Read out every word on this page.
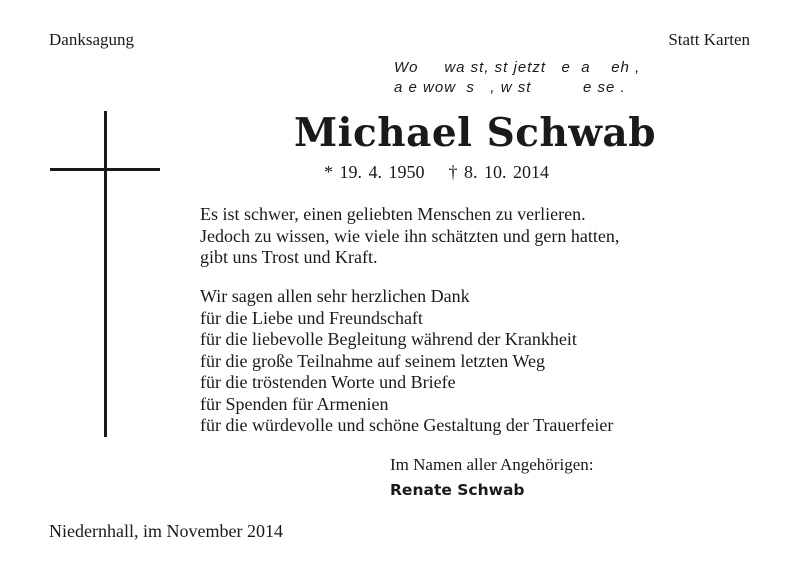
Danksagung	Statt Karten
Wo     wa st, st jetzt   e  a    eh ,
a e wow  s   , w st          e se .
Michael Schwab
* 19. 4. 1950 † 8. 10. 2014
Es ist schwer, einen geliebten Menschen zu verlieren.
Jedoch zu wissen, wie viele ihn schätzten und gern hatten,
gibt uns Trost und Kraft.
Wir sagen allen sehr herzlichen Dank
für die Liebe und Freundschaft
für die liebevolle Begleitung während der Krankheit
für die große Teilnahme auf seinem letzten Weg
für die tröstenden Worte und Briefe
für Spenden für Armenien
für die würdevolle und schöne Gestaltung der Trauerfeier
Im Namen aller Angehörigen:
Renate Schwab
Niedernhall, im November 2014
